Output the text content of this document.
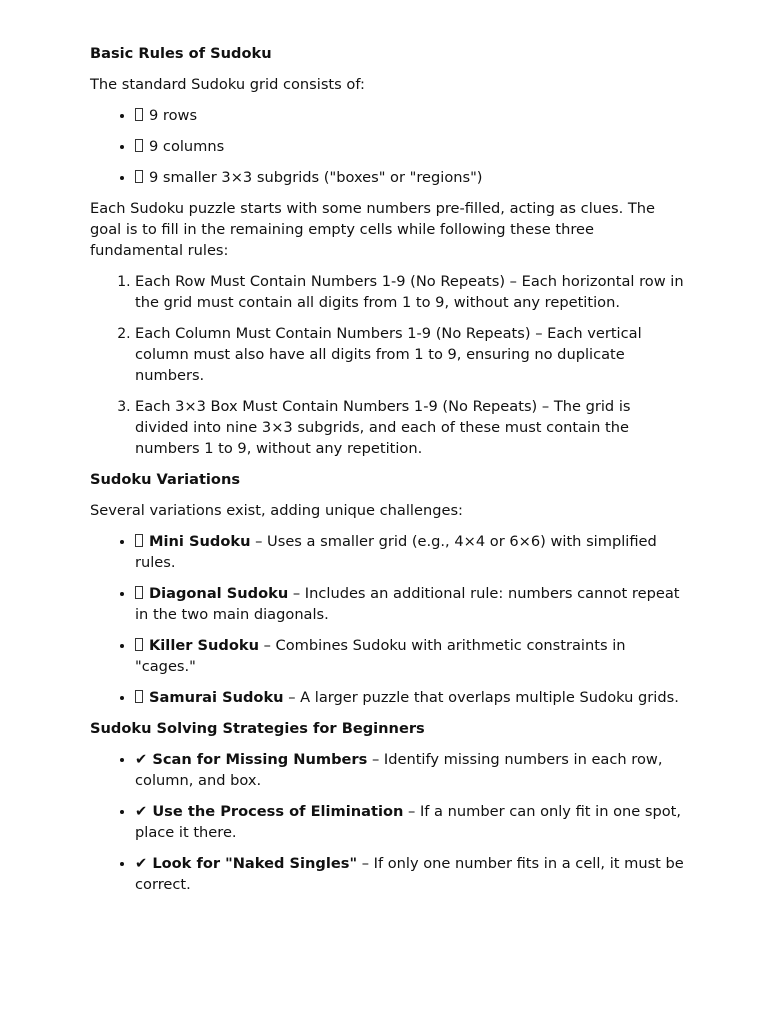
Basic Rules of Sudoku

The standard Sudoku grid consists of:

• 9 rows
• 9 columns
• 9 smaller 3×3 subgrids ("boxes" or "regions")

Each Sudoku puzzle starts with some numbers pre-filled, acting as clues. The goal is to fill in the remaining empty cells while following these three fundamental rules:

1. Each Row Must Contain Numbers 1-9 (No Repeats) – Each horizontal row in the grid must contain all digits from 1 to 9, without any repetition.
2. Each Column Must Contain Numbers 1-9 (No Repeats) – Each vertical column must also have all digits from 1 to 9, ensuring no duplicate numbers.
3. Each 3×3 Box Must Contain Numbers 1-9 (No Repeats) – The grid is divided into nine 3×3 subgrids, and each of these must contain the numbers 1 to 9, without any repetition.
Sudoku Variations

Several variations exist, adding unique challenges:

• Mini Sudoku – Uses a smaller grid (e.g., 4×4 or 6×6) with simplified rules.
• Diagonal Sudoku – Includes an additional rule: numbers cannot repeat in the two main diagonals.
• Killer Sudoku – Combines Sudoku with arithmetic constraints in "cages."
• Samurai Sudoku – A larger puzzle that overlaps multiple Sudoku grids.
Sudoku Solving Strategies for Beginners
• ✔ Scan for Missing Numbers – Identify missing numbers in each row, column, and box.
• ✔ Use the Process of Elimination – If a number can only fit in one spot, place it there.
• ✔ Look for "Naked Singles" – If only one number fits in a cell, it must be correct.
